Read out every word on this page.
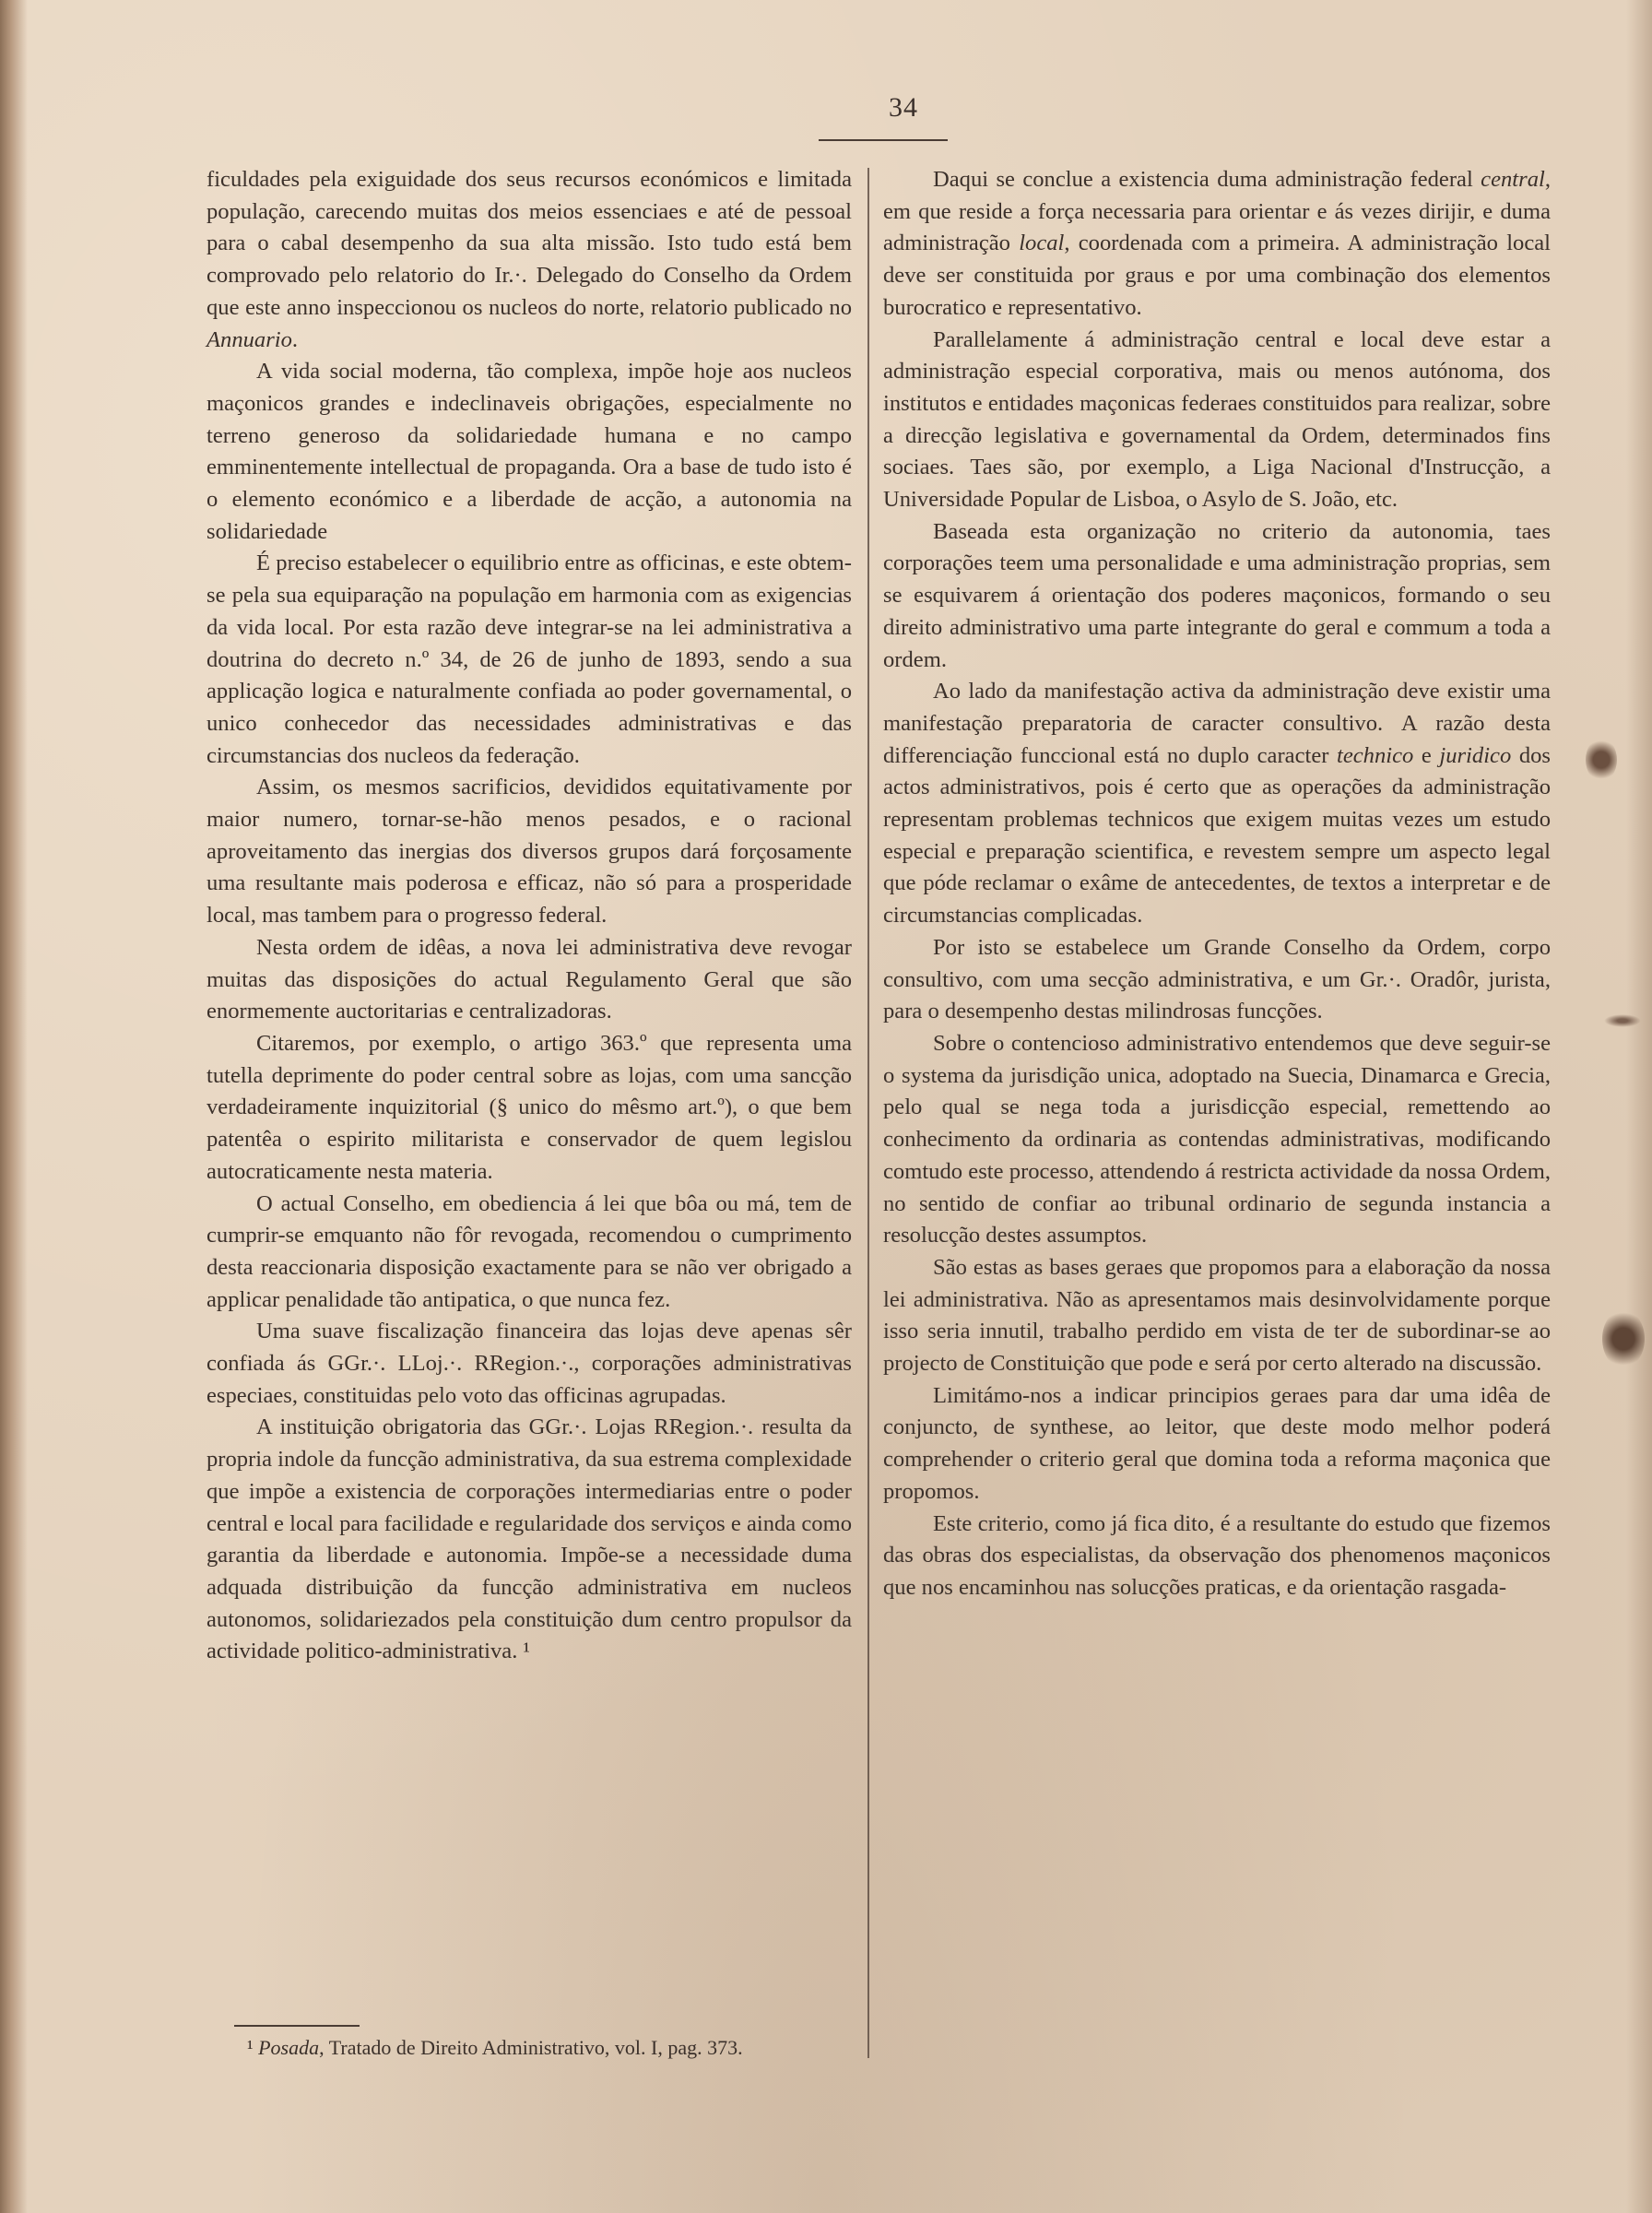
34

ficuldades pela exiguidade dos seus recursos económicos e limitada população, carecendo muitas dos meios essenciaes e até de pessoal para o cabal desempenho da sua alta missão. Isto tudo está bem comprovado pelo relatorio do Ir.·. Delegado do Conselho da Ordem que este anno inspeccionou os nucleos do norte, relatorio publicado no Annuario.

A vida social moderna, tão complexa, impõe hoje aos nucleos maçonicos grandes e indeclinaveis obrigações, especialmente no terreno generoso da solidariedade humana e no campo emminentemente intellectual de propaganda. Ora a base de tudo isto é o elemento económico e a liberdade de acção, a autonomia na solidariedade

É preciso estabelecer o equilibrio entre as officinas, e este obtem-se pela sua equiparação na população em harmonia com as exigencias da vida local. Por esta razão deve integrar-se na lei administrativa a doutrina do decreto n.º 34, de 26 de junho de 1893, sendo a sua applicação logica e naturalmente confiada ao poder governamental, o unico conhecedor das necessidades administrativas e das circumstancias dos nucleos da federação.

Assim, os mesmos sacrificios, devididos equitativamente por maior numero, tornar-se-hão menos pesados, e o racional aproveitamento das inergias dos diversos grupos dará forçosamente uma resultante mais poderosa e efficaz, não só para a prosperidade local, mas tambem para o progresso federal.

Nesta ordem de idêas, a nova lei administrativa deve revogar muitas das disposições do actual Regulamento Geral que são enormemente auctoritarias e centralizadoras.

Citaremos, por exemplo, o artigo 363.º que representa uma tutella deprimente do poder central sobre as lojas, com uma sancção verdadeiramente inquizitorial (§ unico do mêsmo art.º), o que bem patentêa o espirito militarista e conservador de quem legislou autocraticamente nesta materia.

O actual Conselho, em obediencia á lei que bôa ou má, tem de cumprir-se emquanto não fôr revogada, recomendou o cumprimento desta reaccionaria disposição exactamente para se não ver obrigado a applicar penalidade tão antipatica, o que nunca fez.

Uma suave fiscalização financeira das lojas deve apenas sêr confiada ás GGr.·. LLoj.·. RRegion.·., corporações administrativas especiaes, constituidas pelo voto das officinas agrupadas.

A instituição obrigatoria das GGr.·. Lojas RRegion.·. resulta da propria indole da funcção administrativa, da sua estrema complexidade que impõe a existencia de corporações intermediarias entre o poder central e local para facilidade e regularidade dos serviços e ainda como garantia da liberdade e autonomia. Impõe-se a necessidade duma adquada distribuição da funcção administrativa em nucleos autonomos, solidariezados pela constituição dum centro propulsor da actividade politico-administrativa. ¹

Daqui se conclue a existencia duma administração federal central, em que reside a força necessaria para orientar e ás vezes dirijir, e duma administração local, coordenada com a primeira. A administração local deve ser constituida por graus e por uma combinação dos elementos burocratico e representativo.

Parallelamente á administração central e local deve estar a administração especial corporativa, mais ou menos autónoma, dos institutos e entidades maçonicas federaes constituidos para realizar, sobre a direcção legislativa e governamental da Ordem, determinados fins sociaes. Taes são, por exemplo, a Liga Nacional d'Instrucção, a Universidade Popular de Lisboa, o Asylo de S. João, etc.

Baseada esta organização no criterio da autonomia, taes corporações teem uma personalidade e uma administração proprias, sem se esquivarem á orientação dos poderes maçonicos, formando o seu direito administrativo uma parte integrante do geral e commum a toda a ordem.

Ao lado da manifestação activa da administração deve existir uma manifestação preparatoria de caracter consultivo. A razão desta differenciação funccional está no duplo caracter technico e juridico dos actos administrativos, pois é certo que as operações da administração representam problemas technicos que exigem muitas vezes um estudo especial e preparação scientifica, e revestem sempre um aspecto legal que póde reclamar o exâme de antecedentes, de textos a interpretar e de circumstancias complicadas.

Por isto se estabelece um Grande Conselho da Ordem, corpo consultivo, com uma secção administrativa, e um Gr.·. Oradôr, jurista, para o desempenho destas milindrosas funcções.

Sobre o contencioso administrativo entendemos que deve seguir-se o systema da jurisdição unica, adoptado na Suecia, Dinamarca e Grecia, pelo qual se nega toda a jurisdicção especial, remettendo ao conhecimento da ordinaria as contendas administrativas, modificando comtudo este processo, attendendo á restricta actividade da nossa Ordem, no sentido de confiar ao tribunal ordinario de segunda instancia a resolucção destes assumptos.

São estas as bases geraes que propomos para a elaboração da nossa lei administrativa. Não as apresentamos mais desinvolvidamente porque isso seria innutil, trabalho perdido em vista de ter de subordinar-se ao projecto de Constituição que pode e será por certo alterado na discussão.

Limitámo-nos a indicar principios geraes para dar uma idêa de conjuncto, de synthese, ao leitor, que deste modo melhor poderá comprehender o criterio geral que domina toda a reforma maçonica que propomos.

Este criterio, como já fica dito, é a resultante do estudo que fizemos das obras dos especialistas, da observação dos phenomenos maçonicos que nos encaminhou nas solucções praticas, e da orientação rasgada-

¹ Posada, Tratado de Direito Administrativo, vol. I, pag. 373.
